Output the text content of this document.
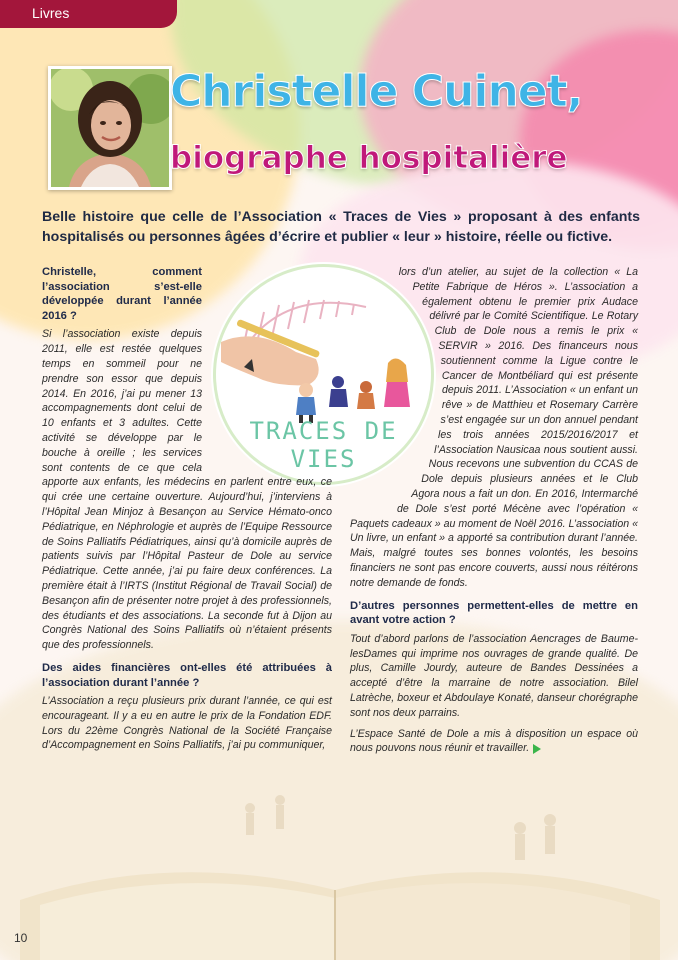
Livres
Christelle Cuinet,
biographe hospitalière
Belle histoire que celle de l’Association « Traces de Vies » proposant à des enfants hospitalisés ou personnes âgées d’écrire et publier « leur » histoire, réelle ou fictive.
TRACES DE VIES
Christelle, comment l’association s’est-elle développée durant l’année 2016 ?

Si l’association existe depuis 2011, elle est restée quelques temps en sommeil pour ne prendre son essor que depuis 2014. En 2016, j’ai pu mener 13 accompagnements dont celui de 10 enfants et 3 adultes. Cette activité se développe par le bouche à oreille ; les services sont contents de ce que cela apporte aux enfants, les médecins en parlent entre eux, ce qui crée une certaine ouverture. Aujourd’hui, j’interviens à l’Hôpital Jean Minjoz à Besançon au Service Hémato-onco Pédiatrique, en Néphrologie et auprès de l’Equipe Ressource de Soins Palliatifs Pédiatriques, ainsi qu’à domicile auprès de patients suivis par l’Hôpital Pasteur de Dole au service Pédiatrique. Cette année, j’ai pu faire deux conférences. La première était à l’IRTS (Institut Régional de Travail Social) de Besançon afin de présenter notre projet à des professionnels, des étudiants et des associations. La seconde fut à Dijon au Congrès National des Soins Palliatifs où n’étaient présents que des professionnels.

Des aides financières ont-elles été attribuées à l’association durant l’année ?

L’Association a reçu plusieurs prix durant l’année, ce qui est encourageant. Il y a eu en autre le prix de la Fondation EDF. Lors du 22ème Congrès National de la Société Française d’Accompagnement en Soins Palliatifs, j’ai pu communiquer,

lors d’un atelier, au sujet de la collection « La Petite Fabrique de Héros ». L’association a également obtenu le premier prix Audace délivré par le Comité Scientifique. Le Rotary Club de Dole nous a remis le prix « SERVIR » 2016. Des financeurs nous soutiennent comme la Ligue contre le Cancer de Montbéliard qui est présente depuis 2011. L’Association « un enfant un rêve » de Matthieu et Rosemary Carrère s’est engagée sur un don annuel pendant les trois années 2015/2016/2017 et l’Association Nausicaa nous soutient aussi. Nous recevons une subvention du CCAS de Dole depuis plusieurs années et le Club Agora nous a fait un don. En 2016, Intermarché de Dole s’est porté Mécène avec l’opération « Paquets cadeaux » au moment de Noël 2016. L’association « Un livre, un enfant » a apporté sa contribution durant l’année. Mais, malgré toutes ses bonnes volontés, les besoins financiers ne sont pas encore couverts, aussi nous réitérons notre demande de fonds.

D’autres personnes permettent-elles de mettre en avant votre action ?

Tout d’abord parlons de l’association Aencrages de Baume-lesDames qui imprime nos ouvrages de grande qualité. De plus, Camille Jourdy, auteure de Bandes Dessinées a accepté d’être la marraine de notre association. Bilel Latrèche, boxeur et Abdoulaye Konaté, danseur chorégraphe sont nos deux parrains.

L’Espace Santé de Dole a mis à disposition un espace où nous pouvons nous réunir et travailler.

10
